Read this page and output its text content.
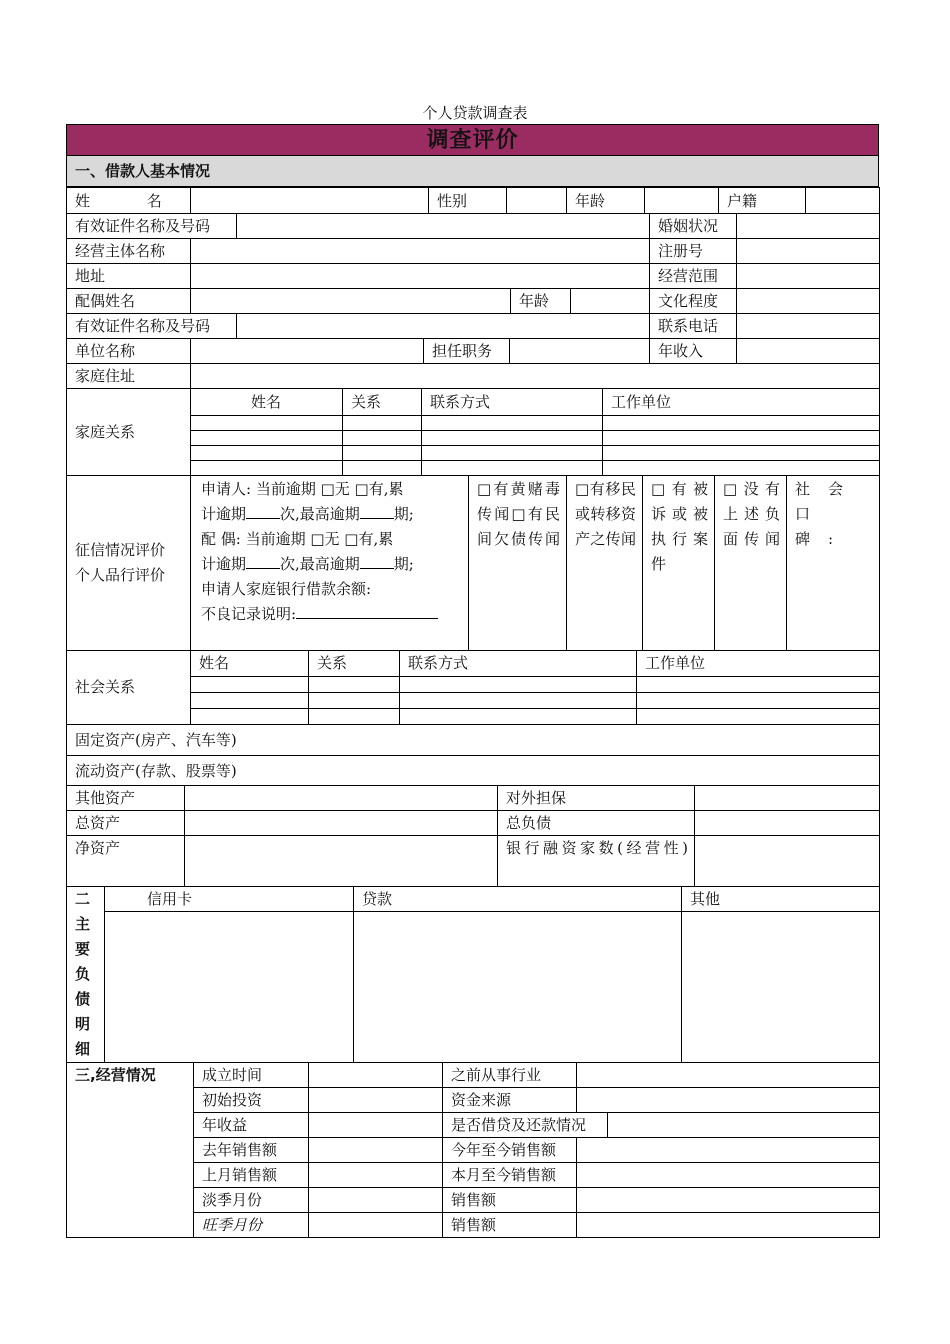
个人贷款调查表
调查评价
一、借款人基本情况
姓 名		性别		年龄		户籍	
有效证件名称及号码		婚姻状况	
经营主体名称		注册号	
地址		经营范围	
配偶姓名		年龄		文化程度	
有效证件名称及号码		联系电话	
单位名称		担任职务		年收入	
家庭住址	
家庭关系	姓名	关系	联系方式	工作单位

征信情况评价
个人品行评价

申请人: 当前逾期 □无 □有,累
计逾期 次,最高逾期 期;
配 偶: 当前逾期 □无 □有,累
计逾期 次,最高逾期 期;
申请人家庭银行借款余额:
不良记录说明:
	□有黄赌毒传闻□有民间欠债传闻	□有移民或转移资产之传闻	□有被诉或被执行案件	□没有上述负面传闻	社会口碑:
社会关系	姓名	关系	联系方式	工作单位

固定资产(房产、汽车等)			
流动资产(存款、股票等)			
其他资产		对外担保	
总资产		总负债	
净资产		银行融资家数(经营性)	
二主要负债明细	信用卡	贷款	其他

三,经营情况	成立时间		之前从事行业		
	初始投资		资金来源		
	年收益		是否借贷及还款情况		
	去年销售额		今年至今销售额		
	上月销售额		本月至今销售额		
	淡季月份		销售额		
	旺季月份		销售额		
